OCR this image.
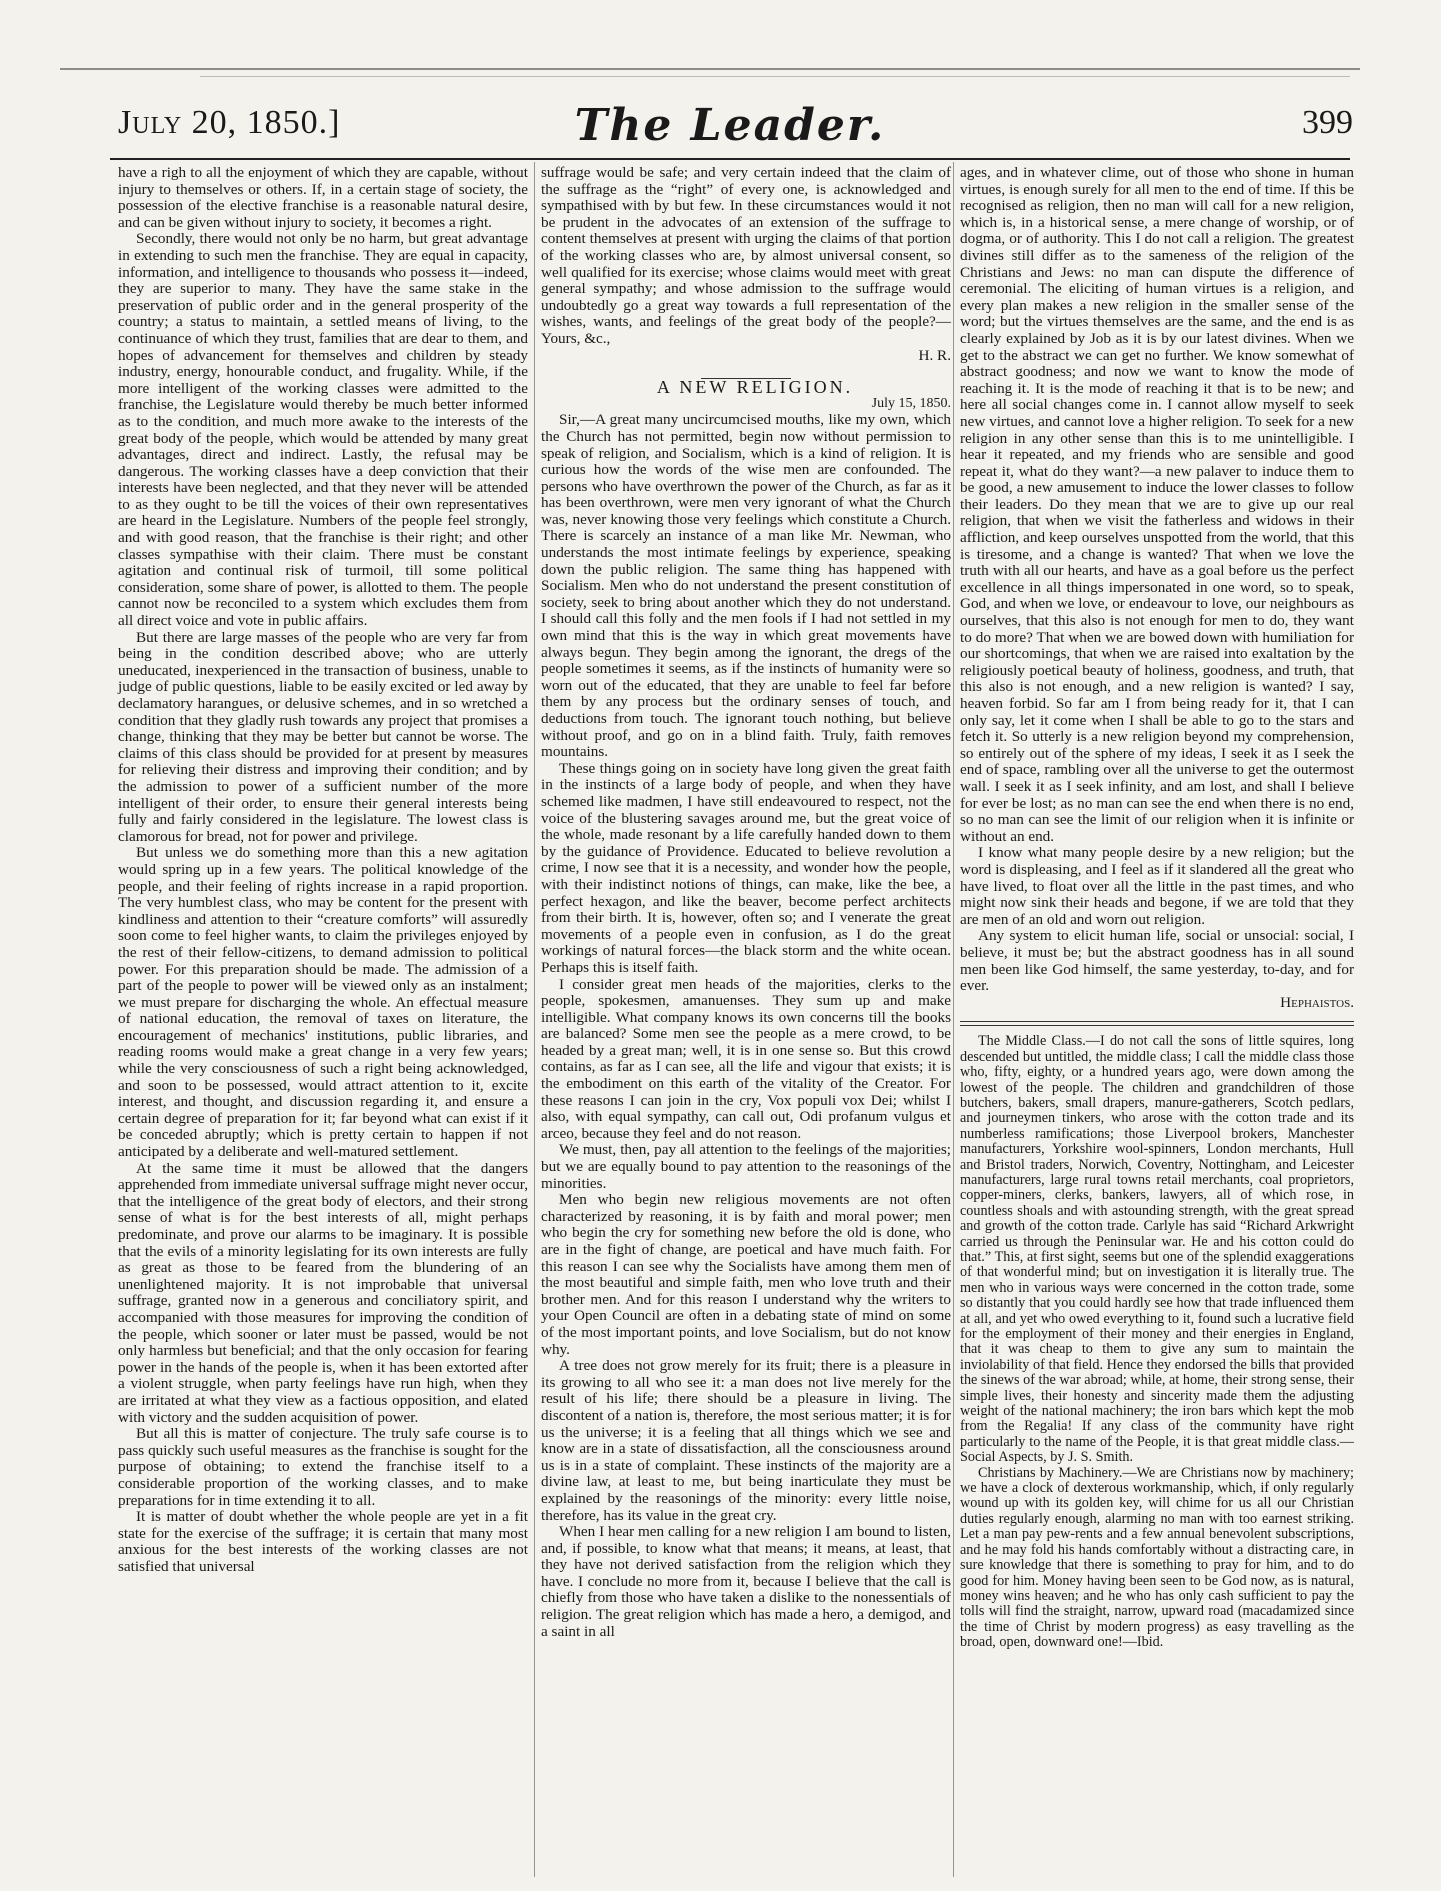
July 20, 1850.]	The Leader.	399

have a righ to all the enjoyment of which they are capable, without injury to themselves or others. If, in a certain stage of society, the possession of the elective franchise is a reasonable natural desire, and can be given without injury to society, it becomes a right.

Secondly, there would not only be no harm, but great advantage in extending to such men the franchise. They are equal in capacity, information, and intelligence to thousands who possess it—indeed, they are superior to many. They have the same stake in the preservation of public order and in the general prosperity of the country; a status to maintain, a settled means of living, to the continuance of which they trust, families that are dear to them, and hopes of advancement for themselves and children by steady industry, energy, honourable conduct, and frugality. While, if the more intelligent of the working classes were admitted to the franchise, the Legislature would thereby be much better informed as to the condition, and much more awake to the interests of the great body of the people, which would be attended by many great advantages, direct and indirect. Lastly, the refusal may be dangerous. The working classes have a deep conviction that their interests have been neglected, and that they never will be attended to as they ought to be till the voices of their own representatives are heard in the Legislature. Numbers of the people feel strongly, and with good reason, that the franchise is their right; and other classes sympathise with their claim. There must be constant agitation and continual risk of turmoil, till some political consideration, some share of power, is allotted to them. The people cannot now be reconciled to a system which excludes them from all direct voice and vote in public affairs.

But there are large masses of the people who are very far from being in the condition described above; who are utterly uneducated, inexperienced in the transaction of business, unable to judge of public questions, liable to be easily excited or led away by declamatory harangues, or delusive schemes, and in so wretched a condition that they gladly rush towards any project that promises a change, thinking that they may be better but cannot be worse. The claims of this class should be provided for at present by measures for relieving their distress and improving their condition; and by the admission to power of a sufficient number of the more intelligent of their order, to ensure their general interests being fully and fairly considered in the legislature. The lowest class is clamorous for bread, not for power and privilege.

But unless we do something more than this a new agitation would spring up in a few years. The political knowledge of the people, and their feeling of rights increase in a rapid proportion. The very humblest class, who may be content for the present with kindliness and attention to their “creature comforts” will assuredly soon come to feel higher wants, to claim the privileges enjoyed by the rest of their fellow-citizens, to demand admission to political power. For this preparation should be made. The admission of a part of the people to power will be viewed only as an instalment; we must prepare for discharging the whole. An effectual measure of national education, the removal of taxes on literature, the encouragement of mechanics' institutions, public libraries, and reading rooms would make a great change in a very few years; while the very consciousness of such a right being acknowledged, and soon to be possessed, would attract attention to it, excite interest, and thought, and discussion regarding it, and ensure a certain degree of preparation for it; far beyond what can exist if it be conceded abruptly; which is pretty certain to happen if not anticipated by a deliberate and well-matured settlement.

At the same time it must be allowed that the dangers apprehended from immediate universal suffrage might never occur, that the intelligence of the great body of electors, and their strong sense of what is for the best interests of all, might perhaps predominate, and prove our alarms to be imaginary. It is possible that the evils of a minority legislating for its own interests are fully as great as those to be feared from the blundering of an unenlightened majority. It is not improbable that universal suffrage, granted now in a generous and conciliatory spirit, and accompanied with those measures for improving the condition of the people, which sooner or later must be passed, would be not only harmless but beneficial; and that the only occasion for fearing power in the hands of the people is, when it has been extorted after a violent struggle, when party feelings have run high, when they are irritated at what they view as a factious opposition, and elated with victory and the sudden acquisition of power.

But all this is matter of conjecture. The truly safe course is to pass quickly such useful measures as the franchise is sought for the purpose of obtaining; to extend the franchise itself to a considerable proportion of the working classes, and to make preparations for in time extending it to all.

It is matter of doubt whether the whole people are yet in a fit state for the exercise of the suffrage; it is certain that many most anxious for the best interests of the working classes are not satisfied that universal

suffrage would be safe; and very certain indeed that the claim of the suffrage as the “right” of every one, is acknowledged and sympathised with by but few. In these circumstances would it not be prudent in the advocates of an extension of the suffrage to content themselves at present with urging the claims of that portion of the working classes who are, by almost universal consent, so well qualified for its exercise; whose claims would meet with great general sympathy; and whose admission to the suffrage would undoubtedly go a great way towards a full representation of the wishes, wants, and feelings of the great body of the people?—Yours, &c.,

H. R.

A NEW RELIGION.

July 15, 1850.

Sir,—A great many uncircumcised mouths, like my own, which the Church has not permitted, begin now without permission to speak of religion, and Socialism, which is a kind of religion. It is curious how the words of the wise men are confounded. The persons who have overthrown the power of the Church, as far as it has been overthrown, were men very ignorant of what the Church was, never knowing those very feelings which constitute a Church. There is scarcely an instance of a man like Mr. Newman, who understands the most intimate feelings by experience, speaking down the public religion. The same thing has happened with Socialism. Men who do not understand the present constitution of society, seek to bring about another which they do not understand. I should call this folly and the men fools if I had not settled in my own mind that this is the way in which great movements have always begun. They begin among the ignorant, the dregs of the people sometimes it seems, as if the instincts of humanity were so worn out of the educated, that they are unable to feel far before them by any process but the ordinary senses of touch, and deductions from touch. The ignorant touch nothing, but believe without proof, and go on in a blind faith. Truly, faith removes mountains.

These things going on in society have long given the great faith in the instincts of a large body of people, and when they have schemed like madmen, I have still endeavoured to respect, not the voice of the blustering savages around me, but the great voice of the whole, made resonant by a life carefully handed down to them by the guidance of Providence. Educated to believe revolution a crime, I now see that it is a necessity, and wonder how the people, with their indistinct notions of things, can make, like the bee, a perfect hexagon, and like the beaver, become perfect architects from their birth. It is, however, often so; and I venerate the great movements of a people even in confusion, as I do the great workings of natural forces—the black storm and the white ocean. Perhaps this is itself faith.

I consider great men heads of the majorities, clerks to the people, spokesmen, amanuenses. They sum up and make intelligible. What company knows its own concerns till the books are balanced? Some men see the people as a mere crowd, to be headed by a great man; well, it is in one sense so. But this crowd contains, as far as I can see, all the life and vigour that exists; it is the embodiment on this earth of the vitality of the Creator. For these reasons I can join in the cry, Vox populi vox Dei; whilst I also, with equal sympathy, can call out, Odi profanum vulgus et arceo, because they feel and do not reason.

We must, then, pay all attention to the feelings of the majorities; but we are equally bound to pay attention to the reasonings of the minorities.

Men who begin new religious movements are not often characterized by reasoning, it is by faith and moral power; men who begin the cry for something new before the old is done, who are in the fight of change, are poetical and have much faith. For this reason I can see why the Socialists have among them men of the most beautiful and simple faith, men who love truth and their brother men. And for this reason I understand why the writers to your Open Council are often in a debating state of mind on some of the most important points, and love Socialism, but do not know why.

A tree does not grow merely for its fruit; there is a pleasure in its growing to all who see it: a man does not live merely for the result of his life; there should be a pleasure in living. The discontent of a nation is, therefore, the most serious matter; it is for us the universe; it is a feeling that all things which we see and know are in a state of dissatisfaction, all the consciousness around us is in a state of complaint. These instincts of the majority are a divine law, at least to me, but being inarticulate they must be explained by the reasonings of the minority: every little noise, therefore, has its value in the great cry.

When I hear men calling for a new religion I am bound to listen, and, if possible, to know what that means; it means, at least, that they have not derived satisfaction from the religion which they have. I conclude no more from it, because I believe that the call is chiefly from those who have taken a dislike to the nonessentials of religion. The great religion which has made a hero, a demigod, and a saint in all

ages, and in whatever clime, out of those who shone in human virtues, is enough surely for all men to the end of time. If this be recognised as religion, then no man will call for a new religion, which is, in a historical sense, a mere change of worship, or of dogma, or of authority. This I do not call a religion. The greatest divines still differ as to the sameness of the religion of the Christians and Jews: no man can dispute the difference of ceremonial. The eliciting of human virtues is a religion, and every plan makes a new religion in the smaller sense of the word; but the virtues themselves are the same, and the end is as clearly explained by Job as it is by our latest divines. When we get to the abstract we can get no further. We know somewhat of abstract goodness; and now we want to know the mode of reaching it. It is the mode of reaching it that is to be new; and here all social changes come in. I cannot allow myself to seek new virtues, and cannot love a higher religion. To seek for a new religion in any other sense than this is to me unintelligible. I hear it repeated, and my friends who are sensible and good repeat it, what do they want?—a new palaver to induce them to be good, a new amusement to induce the lower classes to follow their leaders. Do they mean that we are to give up our real religion, that when we visit the fatherless and widows in their affliction, and keep ourselves unspotted from the world, that this is tiresome, and a change is wanted? That when we love the truth with all our hearts, and have as a goal before us the perfect excellence in all things impersonated in one word, so to speak, God, and when we love, or endeavour to love, our neighbours as ourselves, that this also is not enough for men to do, they want to do more? That when we are bowed down with humiliation for our shortcomings, that when we are raised into exaltation by the religiously poetical beauty of holiness, goodness, and truth, that this also is not enough, and a new religion is wanted? I say, heaven forbid. So far am I from being ready for it, that I can only say, let it come when I shall be able to go to the stars and fetch it. So utterly is a new religion beyond my comprehension, so entirely out of the sphere of my ideas, I seek it as I seek the end of space, rambling over all the universe to get the outermost wall. I seek it as I seek infinity, and am lost, and shall I believe for ever be lost; as no man can see the end when there is no end, so no man can see the limit of our religion when it is infinite or without an end.

I know what many people desire by a new religion; but the word is displeasing, and I feel as if it slandered all the great who have lived, to float over all the little in the past times, and who might now sink their heads and begone, if we are told that they are men of an old and worn out religion.

Any system to elicit human life, social or unsocial: social, I believe, it must be; but the abstract goodness has in all sound men been like God himself, the same yesterday, to-day, and for ever.

Hephaistos.

The Middle Class.—I do not call the sons of little squires, long descended but untitled, the middle class; I call the middle class those who, fifty, eighty, or a hundred years ago, were down among the lowest of the people. The children and grandchildren of those butchers, bakers, small drapers, manure-gatherers, Scotch pedlars, and journeymen tinkers, who arose with the cotton trade and its numberless ramifications; those Liverpool brokers, Manchester manufacturers, Yorkshire wool-spinners, London merchants, Hull and Bristol traders, Norwich, Coventry, Nottingham, and Leicester manufacturers, large rural towns retail merchants, coal proprietors, copper-miners, clerks, bankers, lawyers, all of which rose, in countless shoals and with astounding strength, with the great spread and growth of the cotton trade. Carlyle has said “Richard Arkwright carried us through the Peninsular war. He and his cotton could do that.” This, at first sight, seems but one of the splendid exaggerations of that wonderful mind; but on investigation it is literally true. The men who in various ways were concerned in the cotton trade, some so distantly that you could hardly see how that trade influenced them at all, and yet who owed everything to it, found such a lucrative field for the employment of their money and their energies in England, that it was cheap to them to give any sum to maintain the inviolability of that field. Hence they endorsed the bills that provided the sinews of the war abroad; while, at home, their strong sense, their simple lives, their honesty and sincerity made them the adjusting weight of the national machinery; the iron bars which kept the mob from the Regalia! If any class of the community have right particularly to the name of the People, it is that great middle class.—Social Aspects, by J. S. Smith.

Christians by Machinery.—We are Christians now by machinery; we have a clock of dexterous workmanship, which, if only regularly wound up with its golden key, will chime for us all our Christian duties regularly enough, alarming no man with too earnest striking. Let a man pay pew-rents and a few annual benevolent subscriptions, and he may fold his hands comfortably without a distracting care, in sure knowledge that there is something to pray for him, and to do good for him. Money having been seen to be God now, as is natural, money wins heaven; and he who has only cash sufficient to pay the tolls will find the straight, narrow, upward road (macadamized since the time of Christ by modern progress) as easy travelling as the broad, open, downward one!—Ibid.
